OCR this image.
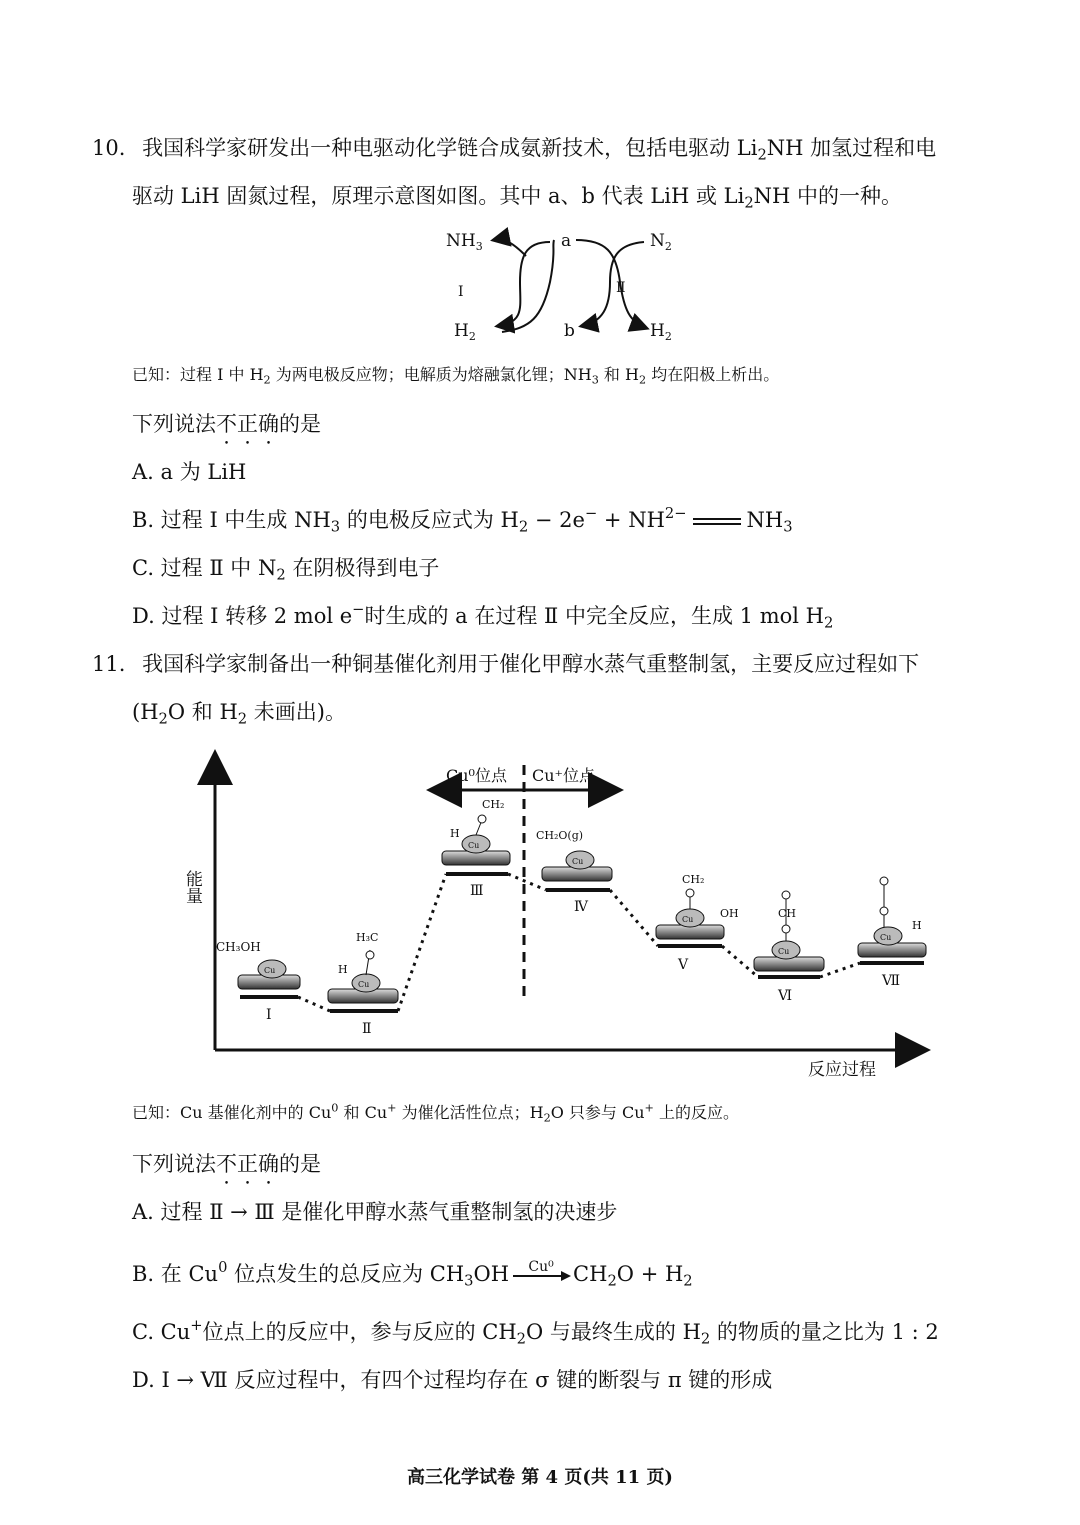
10. 我国科学家研发出一种电驱动化学链合成氨新技术，包括电驱动 $Li_2NH$ 加氢过程和电
驱动 LiH 固氮过程，原理示意图如图。其中 a、b 代表 LiH 或 $Li_2NH$ 中的一种。
$NH_3$	a	$N_2$
Ⅰ	Ⅱ
$H_2$	b	$H_2$
已知：过程 Ⅰ 中 $H_2$ 为两电极反应物；电解质为熔融氯化锂；$NH_3$ 和 $H_2$ 均在阳极上析出。
下列说法不正确的是
A. a 为 LiH
B. 过程 Ⅰ 中生成 $NH_3$ 的电极反应式为 $H_2 - 2e^- + NH^{2-}$	$NH_3$
C. 过程 Ⅱ 中 $N_2$ 在阴极得到电子
D. 过程 Ⅰ 转移 2 mol e−时生成的 a 在过程 Ⅱ 中完全反应，生成 1 mol $H_2$
11. 我国科学家制备出一种铜基催化剂用于催化甲醇水蒸气重整制氢，主要反应过程如下
($H_2O$ 和 $H_2$ 未画出)。
能量
反应过程
Cu⁰位点 Cu⁺位点
Cu
CH₃OH
Ⅰ
Cu
H₃C
H
Ⅱ
Cu
CH₂
H
Ⅲ
Cu
CH₂O(g)
Ⅳ
Cu
CH₂
OH
Ⅴ
Cu
CH
Ⅵ
Cu
H
Ⅶ
已知：Cu 基催化剂中的 Cu$^0$ 和 Cu+ 为催化活性位点；$H_2O$ 只参与 Cu+ 上的反应。
下列说法不正确的是
A. 过程 Ⅱ → Ⅲ 是催化甲醇水蒸气重整制氢的决速步
B. 在 Cu$^0$ 位点发生的总反应为 $CH_3OH$	Cu⁰ $CH_2O + H_2$
C. Cu+位点上的反应中，参与反应的 $CH_2O$ 与最终生成的 $H_2$ 的物质的量之比为 1 : 2
D. Ⅰ → Ⅶ 反应过程中，有四个过程均存在 σ 键的断裂与 π 键的形成
高三化学试卷 第 4 页(共 11 页)
